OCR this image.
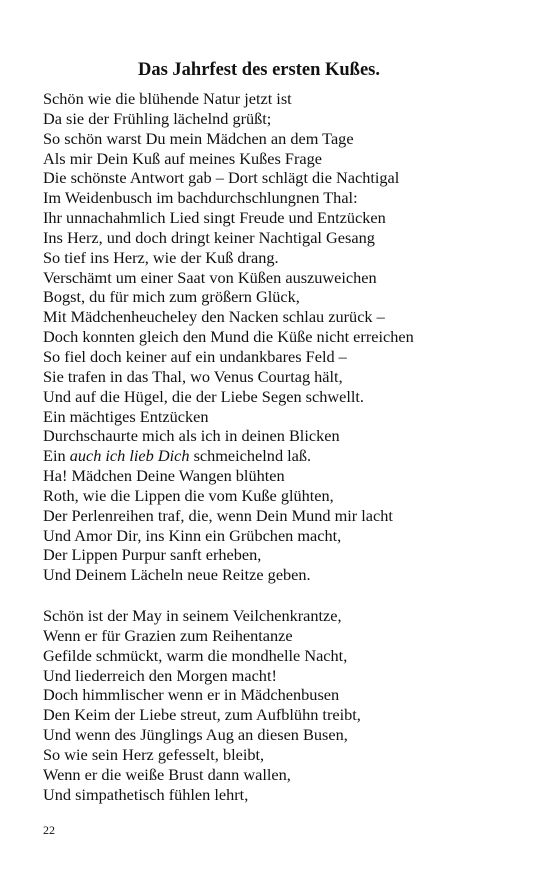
Das Jahrfest des ersten Kußes.
Schön wie die blühende Natur jetzt ist
Da sie der Frühling lächelnd grüßt;
So schön warst Du mein Mädchen an dem Tage
Als mir Dein Kuß auf meines Kußes Frage
Die schönste Antwort gab – Dort schlägt die Nachtigal
Im Weidenbusch im bachdurchschlungnen Thal:
Ihr unnachahmlich Lied singt Freude und Entzücken
Ins Herz, und doch dringt keiner Nachtigal Gesang
So tief ins Herz, wie der Kuß drang.
Verschämt um einer Saat von Küßen auszuweichen
Bogst, du für mich zum größern Glück,
Mit Mädchenheucheley den Nacken schlau zurück –
Doch konnten gleich den Mund die Küße nicht erreichen
So fiel doch keiner auf ein undankbares Feld –
Sie trafen in das Thal, wo Venus Courtag hält,
Und auf die Hügel, die der Liebe Segen schwellt.
Ein mächtiges Entzücken
Durchschaurte mich als ich in deinen Blicken
Ein auch ich lieb Dich schmeichelnd laß.
Ha! Mädchen Deine Wangen blühten
Roth, wie die Lippen die vom Kuße glühten,
Der Perlenreihen traf, die, wenn Dein Mund mir lacht
Und Amor Dir, ins Kinn ein Grübchen macht,
Der Lippen Purpur sanft erheben,
Und Deinem Lächeln neue Reitze geben.
Schön ist der May in seinem Veilchenkrantze,
Wenn er für Grazien zum Reihentanze
Gefilde schmückt, warm die mondhelle Nacht,
Und liederreich den Morgen macht!
Doch himmlischer wenn er in Mädchenbusen
Den Keim der Liebe streut, zum Aufblühn treibt,
Und wenn des Jünglings Aug an diesen Busen,
So wie sein Herz gefesselt, bleibt,
Wenn er die weiße Brust dann wallen,
Und simpathetisch fühlen lehrt,

22
